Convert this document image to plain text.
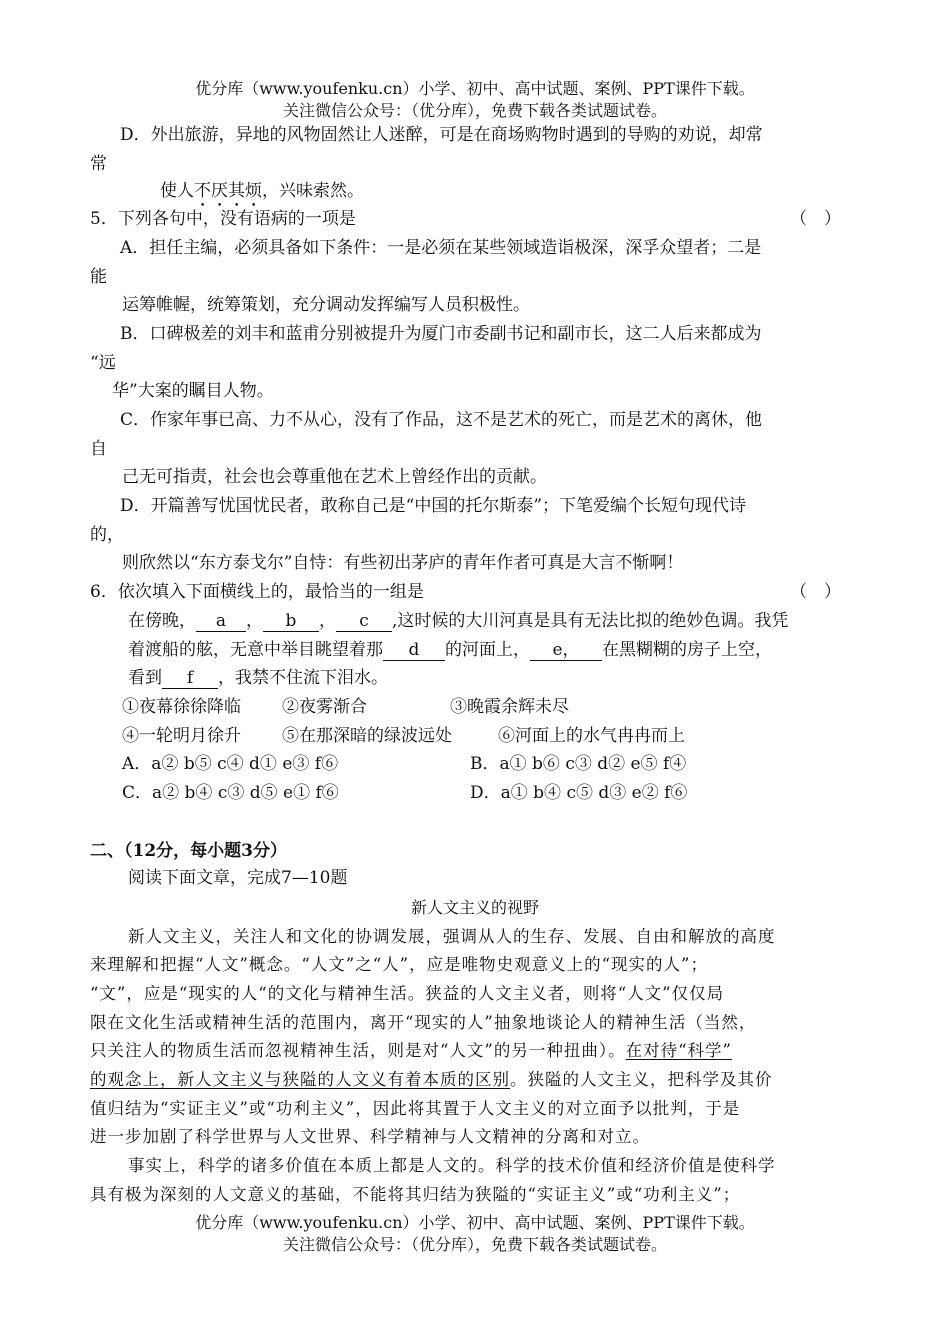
优分库（www.youfenku.cn）小学、初中、高中试题、案例、PPT课件下载。
关注微信公众号：（优分库），免费下载各类试题试卷。
D．外出旅游，异地的风物固然让人迷醉，可是在商场购物时遇到的导购的劝说，却常
常
使人不厌其烦，兴味索然。
5．下列各句中，没有语病的一项是	（　）
A．担任主编，必须具备如下条件：一是必须在某些领域造诣极深，深孚众望者；二是
能
运筹帷幄，统筹策划，充分调动发挥编写人员积极性。
B．口碑极差的刘丰和蓝甫分别被提升为厦门市委副书记和副市长，这二人后来都成为
“远
华”大案的瞩目人物。
C．作家年事已高、力不从心，没有了作品，这不是艺术的死亡，而是艺术的离休，他
自
己无可指责，社会也会尊重他在艺术上曾经作出的贡献。
D．开篇善写忧国忧民者，敢称自己是“中国的托尔斯泰”；下笔爱编个长短句现代诗
的，
则欣然以“东方泰戈尔”自恃：有些初出茅庐的青年作者可真是大言不惭啊！
6．依次填入下面横线上的，最恰当的一组是	（　）
在傍晚， a ， b ， c ,这时候的大川河真是具有无法比拟的绝妙色调。我凭
着渡船的舷，无意中举目眺望着那 d 的河面上， e， 在黑糊糊的房子上空，
看到 f ，我禁不住流下泪水。
①夜幕徐徐降临 ②夜雾渐合	③晚霞余辉未尽
④一轮明月徐升 ⑤在那深暗的绿波远处	⑥河面上的水气冉冉而上
A．a② b⑤ c④ d① e③ f⑥	B．a① b⑥ c③ d② e⑤ f④
C．a② b④ c③ d⑤ e① f⑥	D．a① b④ c⑤ d③ e② f⑥
二、（12分，每小题3分）
阅读下面文章，完成7—10题
新人文主义的视野
新人文主义，关注人和文化的协调发展，强调从人的生存、发展、自由和解放的高度
来理解和把握“人文”概念。“人文”之“人”，应是唯物史观意义上的“现实的人”；
“文”，应是“现实的人“的文化与精神生活。狭益的人文主义者，则将“人文”仅仅局
限在文化生活或精神生活的范围内，离开“现实的人”抽象地谈论人的精神生活（当然，
只关注人的物质生活而忽视精神生活，则是对“人文”的另一种扭曲）。在对待“科学”
的观念上，新人文主义与狭隘的人文义有着本质的区别。狭隘的人文主义，把科学及其价
值归结为“实证主义”或“功利主义”，因此将其置于人文主义的对立面予以批判，于是
进一步加剧了科学世界与人文世界、科学精神与人文精神的分离和对立。
事实上，科学的诸多价值在本质上都是人文的。科学的技术价值和经济价值是使科学
具有极为深刻的人文意义的基础，不能将其归结为狭隘的“实证主义”或“功利主义”；
优分库（www.youfenku.cn）小学、初中、高中试题、案例、PPT课件下载。
关注微信公众号：（优分库），免费下载各类试题试卷。
